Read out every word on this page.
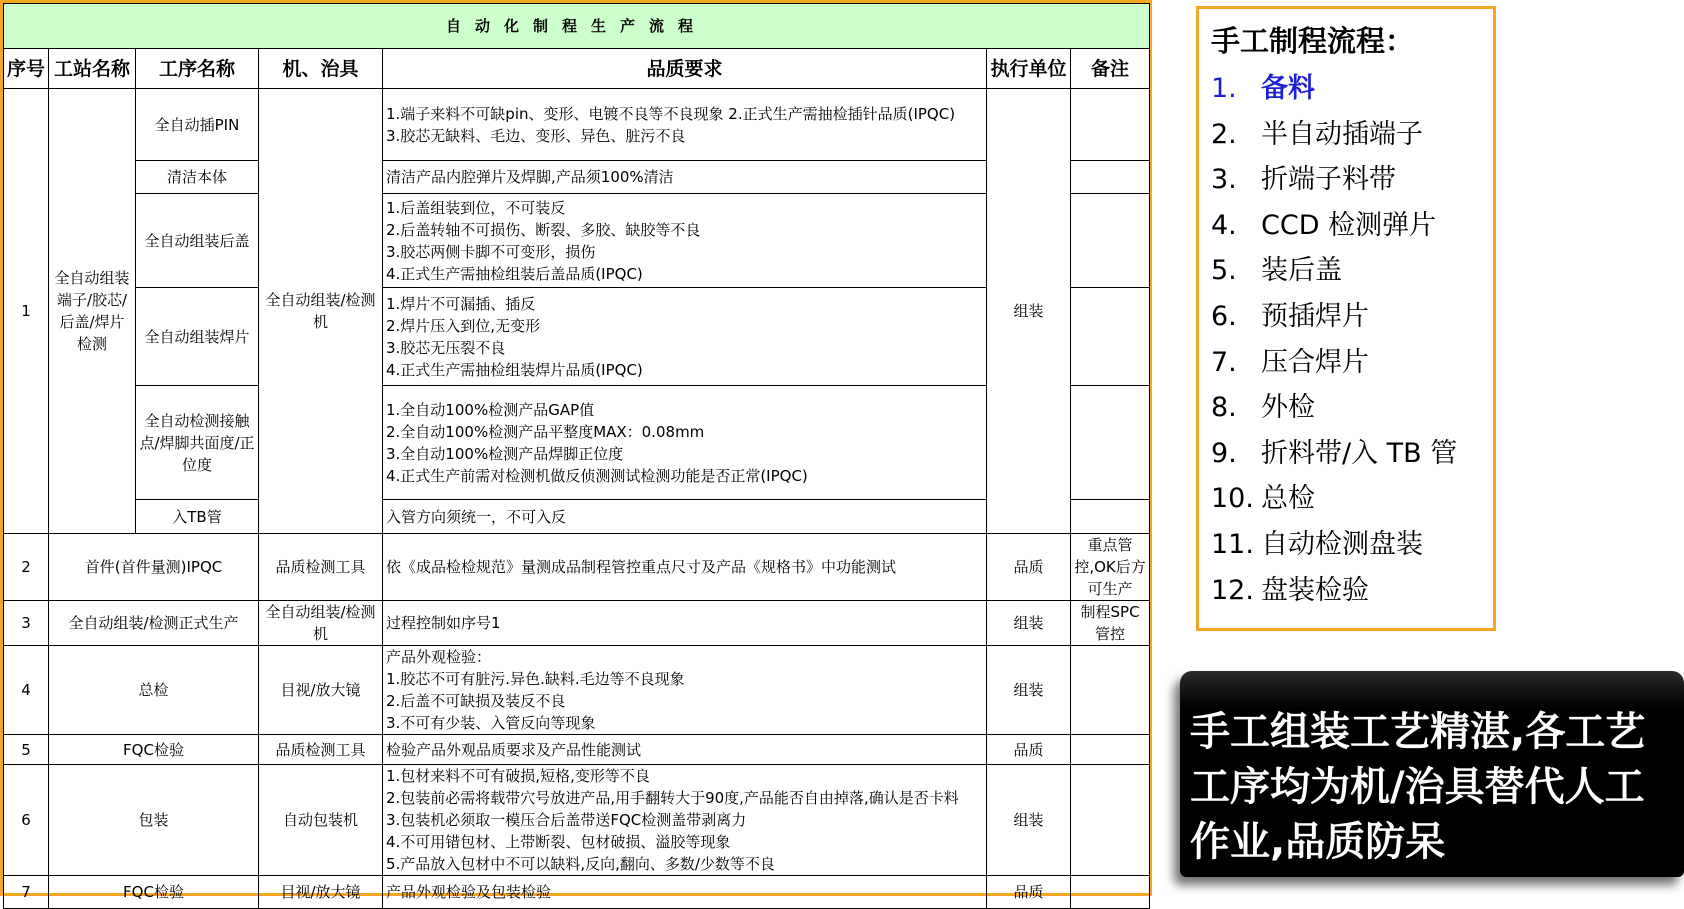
自动化制程生产流程						
序号	工站名称	工序名称	机、治具	品质要求	执行单位	备注
1	全自动组装端子/胶芯/后盖/焊片检测	全自动插PIN	全自动组装/检测机	1.端子来料不可缺pin、变形、电镀不良等不良现象 2.正式生产需抽检插针品质(IPQC)
3.胶芯无缺料、毛边、变形、异色、脏污不良	组装	
		清洁本体		清洁产品内腔弹片及焊脚,产品须100%清洁		

		全自动组装后盖		1.后盖组装到位，不可装反
2.后盖转轴不可损伤、断裂、多胶、缺胶等不良
3.胶芯两侧卡脚不可变形，损伤
4.正式生产需抽检组装后盖品质(IPQC)		

		全自动组装焊片		1.焊片不可漏插、插反
2.焊片压入到位,无变形
3.胶芯无压裂不良
4.正式生产需抽检组装焊片品质(IPQC)		

		全自动检测接触点/焊脚共面度/正位度		1.全自动100%检测产品GAP值
2.全自动100%检测产品平整度MAX：0.08mm
3.全自动100%检测产品焊脚正位度
4.正式生产前需对检测机做反侦测测试检测功能是否正常(IPQC)		

		入TB管		入管方向须统一，不可入反		

2	首件(首件量测)IPQC		品质检测工具	依《成品检检规范》量测成品制程管控重点尺寸及产品《规格书》中功能测试	品质	重点管控,OK后方可生产
3	全自动组装/检测正式生产		全自动组装/检测机	过程控制如序号1	组装	制程SPC管控
4	总检		目视/放大镜	产品外观检验：
1.胶芯不可有脏污.异色.缺料.毛边等不良现象
2.后盖不可缺损及装反不良
3.不可有少装、入管反向等现象	组装	
5	FQC检验		品质检测工具	检验产品外观品质要求及产品性能测试	品质	
6	包装		自动包装机	1.包材来料不可有破损,短格,变形等不良
2.包装前必需将载带穴号放进产品,用手翻转大于90度,产品能否自由掉落,确认是否卡料
3.包装机必须取一模压合后盖带送FQC检测盖带剥离力
4.不可用错包材、上带断裂、包材破损、溢胶等现象
5.产品放入包材中不可以缺料,反向,翻向、多数/少数等不良	组装	
7	FQC检验		目视/放大镜	产品外观检验及包装检验	品质	
手工制程流程：
1. 备料
2. 半自动插端子
3. 折端子料带
4. CCD 检测弹片
5. 装后盖
6. 预插焊片
7. 压合焊片
8. 外检
9. 折料带/入 TB 管
10. 总检
11. 自动检测盘装
12. 盘装检验
手工组装工艺精湛,各工艺
工序均为机/治具替代人工
作业,品质防呆
